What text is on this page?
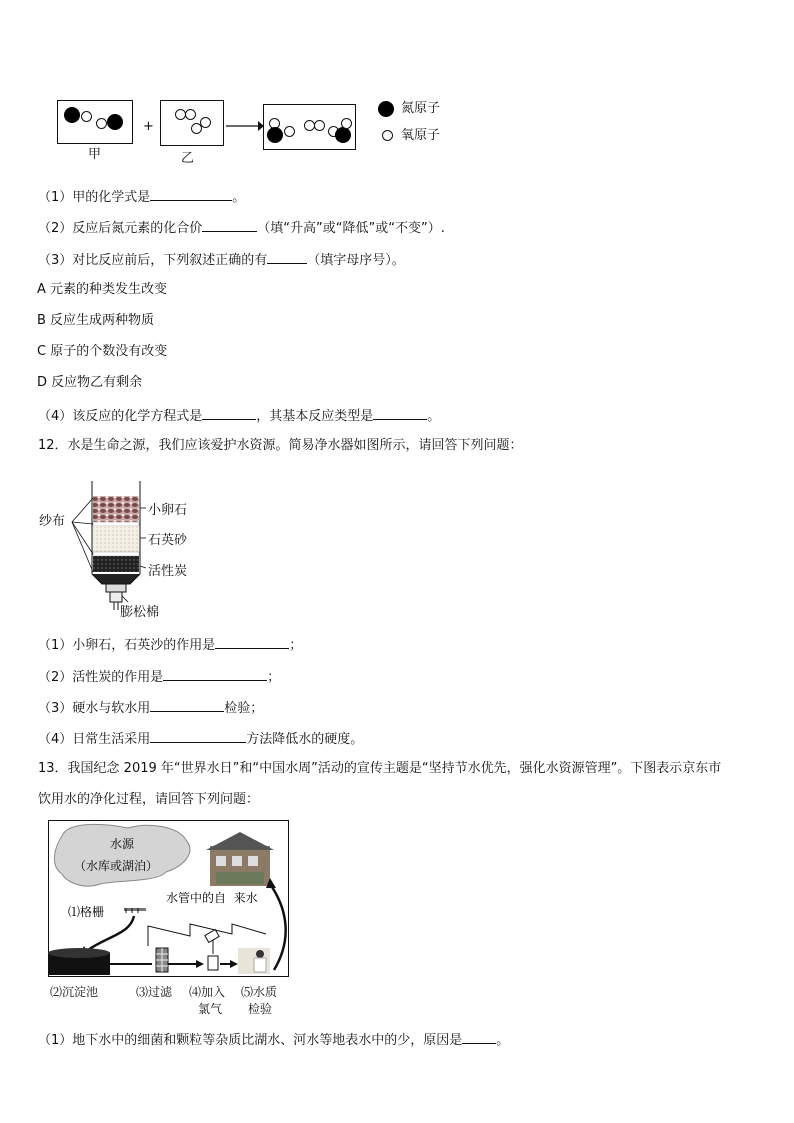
甲
+
乙
氮原子
氧原子
（1）甲的化学式是	。
（2）反应后氮元素的化合价	（填“升高”或“降低”或“不变”）.
（3）对比反应前后，下列叙述正确的有	（填字母序号）。
A 元素的种类发生改变
B 反应生成两种物质
C 原子的个数没有改变
D 反应物乙有剩余
（4）该反应的化学方程式是	，其基本反应类型是	。
12．水是生命之源，我们应该爱护水资源。简易净水器如图所示，请回答下列问题：
小卵石
石英砂
活性炭
纱布
膨松棉
（1）小卵石，石英沙的作用是	；
（2）活性炭的作用是	；
（3）硬水与软水用	检验；
（4）日常生活采用	方法降低水的硬度。
13．我国纪念 2019 年“世界水日”和“中国水周”活动的宣传主题是“坚持节水优先，强化水资源管理”。下图表示京东市
饮用水的净化过程，请回答下列问题：
水源
（水库或湖泊）
水管中的自  来水
⑴格栅
⑵沉淀池	⑶过滤 ⑷加入
氯气
⑸水质
检验
（1）地下水中的细菌和颗粒等杂质比湖水、河水等地表水中的少，原因是	。
